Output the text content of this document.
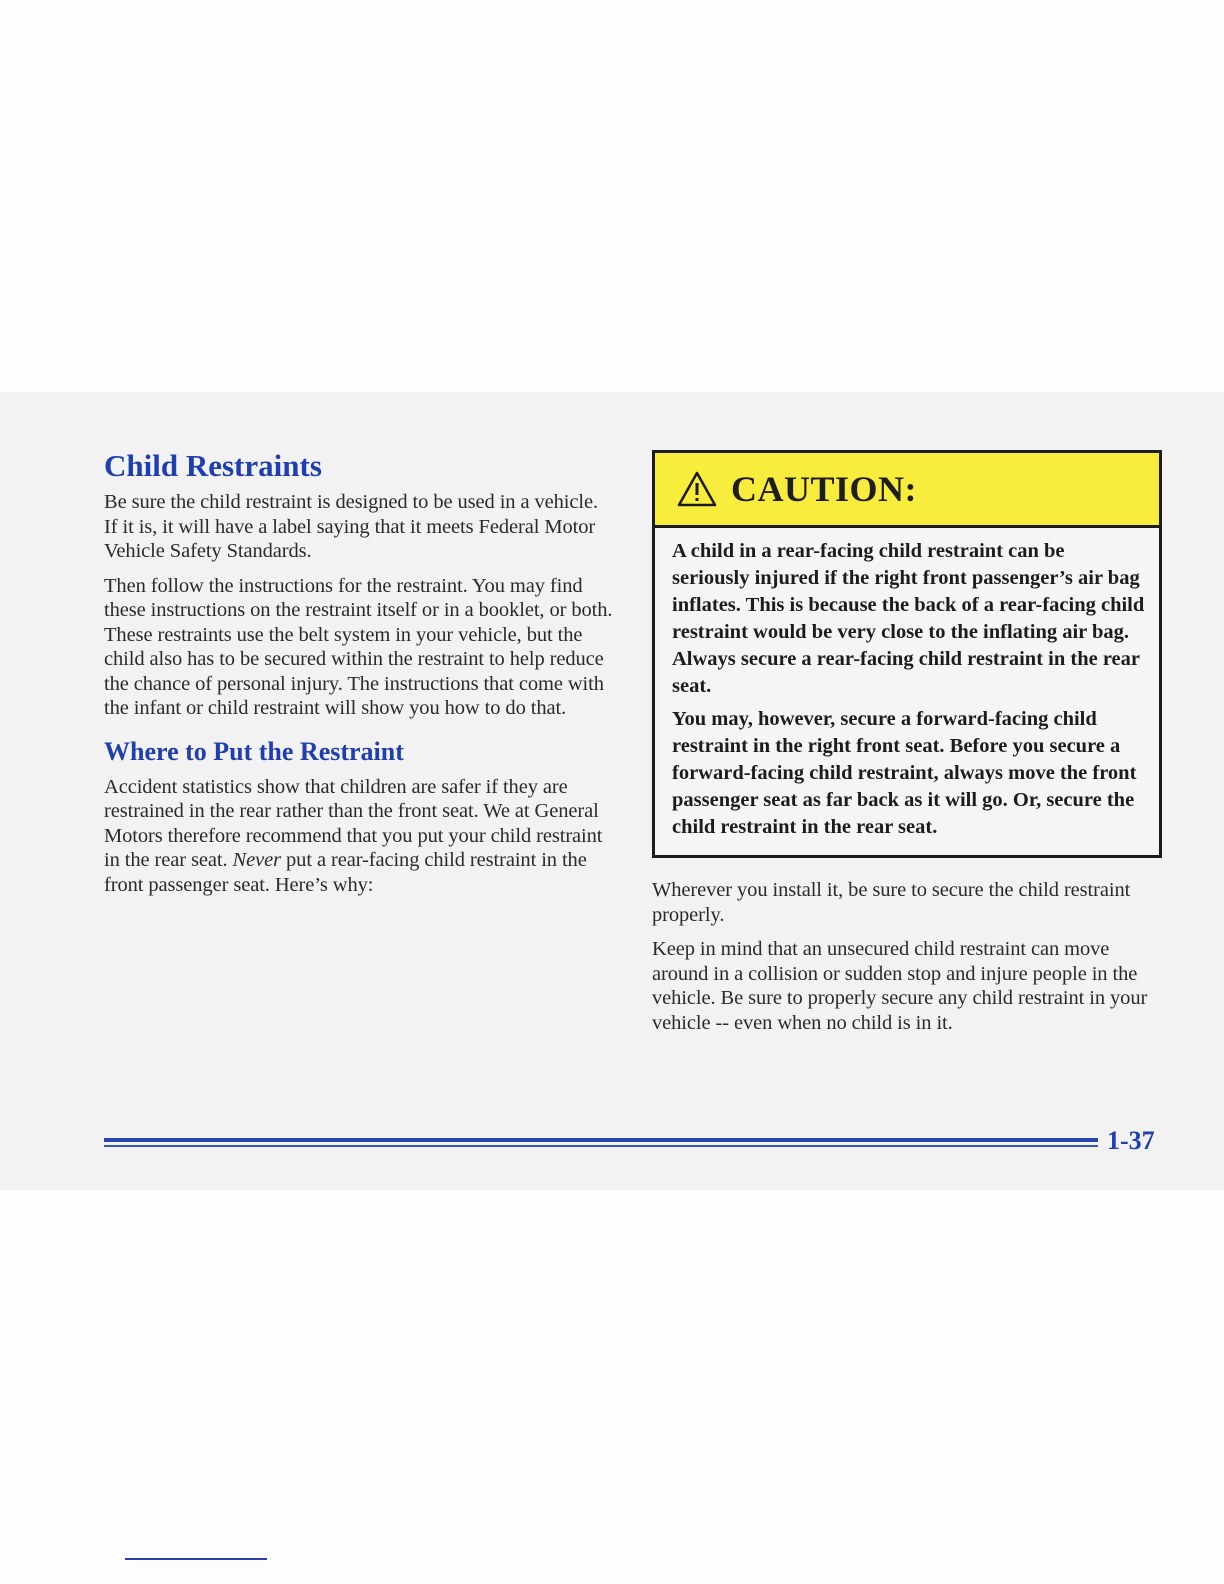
Child Restraints

Be sure the child restraint is designed to be used in a vehicle. If it is, it will have a label saying that it meets Federal Motor Vehicle Safety Standards.

Then follow the instructions for the restraint. You may find these instructions on the restraint itself or in a booklet, or both. These restraints use the belt system in your vehicle, but the child also has to be secured within the restraint to help reduce the chance of personal injury. The instructions that come with the infant or child restraint will show you how to do that.

Where to Put the Restraint

Accident statistics show that children are safer if they are restrained in the rear rather than the front seat. We at General Motors therefore recommend that you put your child restraint in the rear seat. Never put a rear-facing child restraint in the front passenger seat. Here’s why:

CAUTION:

A child in a rear-facing child restraint can be seriously injured if the right front passenger’s air bag inflates. This is because the back of a rear-facing child restraint would be very close to the inflating air bag. Always secure a rear-facing child restraint in the rear seat.

You may, however, secure a forward-facing child restraint in the right front seat. Before you secure a forward-facing child restraint, always move the front passenger seat as far back as it will go. Or, secure the child restraint in the rear seat.

Wherever you install it, be sure to secure the child restraint properly.

Keep in mind that an unsecured child restraint can move around in a collision or sudden stop and injure people in the vehicle. Be sure to properly secure any child restraint in your vehicle -- even when no child is in it.

1-37
